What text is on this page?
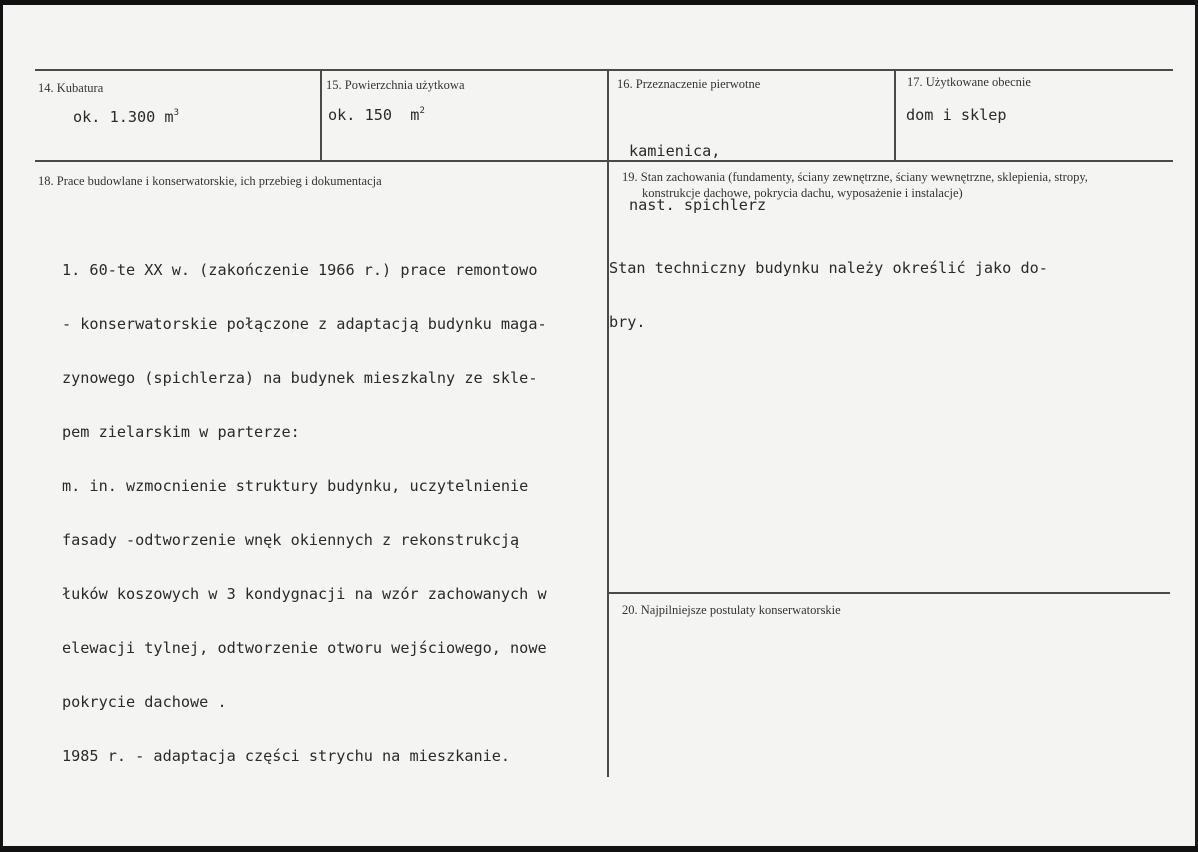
14. Kubatura
ok. 1.300 $m^3$
15. Powierzchnia użytkowa
ok. 150  $m^2$
16. Przeznaczenie pierwotne

kamienica,

nast. spichlerz

17. Użytkowane obecnie
dom i sklep
18. Prace budowlane i konserwatorskie, ich przebieg i dokumentacja

1. 60-te XX w. (zakończenie 1966 r.) prace remontowo

- konserwatorskie połączone z adaptacją budynku maga-

zynowego (spichlerza) na budynek mieszkalny ze skle-

pem zielarskim w parterze:

m. in. wzmocnienie struktury budynku, uczytelnienie

fasady -odtworzenie wnęk okiennych z rekonstrukcją

łuków koszowych w 3 kondygnacji na wzór zachowanych w

elewacji tylnej, odtworzenie otworu wejściowego, nowe

pokrycie dachowe .

1985 r. - adaptacja części strychu na mieszkanie.

19. Stan zachowania (fundamenty, ściany zewnętrzne, ściany wewnętrzne, sklepienia, stropy,
konstrukcje dachowe, pokrycia dachu, wyposażenie i instalacje)

Stan techniczny budynku należy określić jako do-

bry.

20. Najpilniejsze postulaty konserwatorskie
